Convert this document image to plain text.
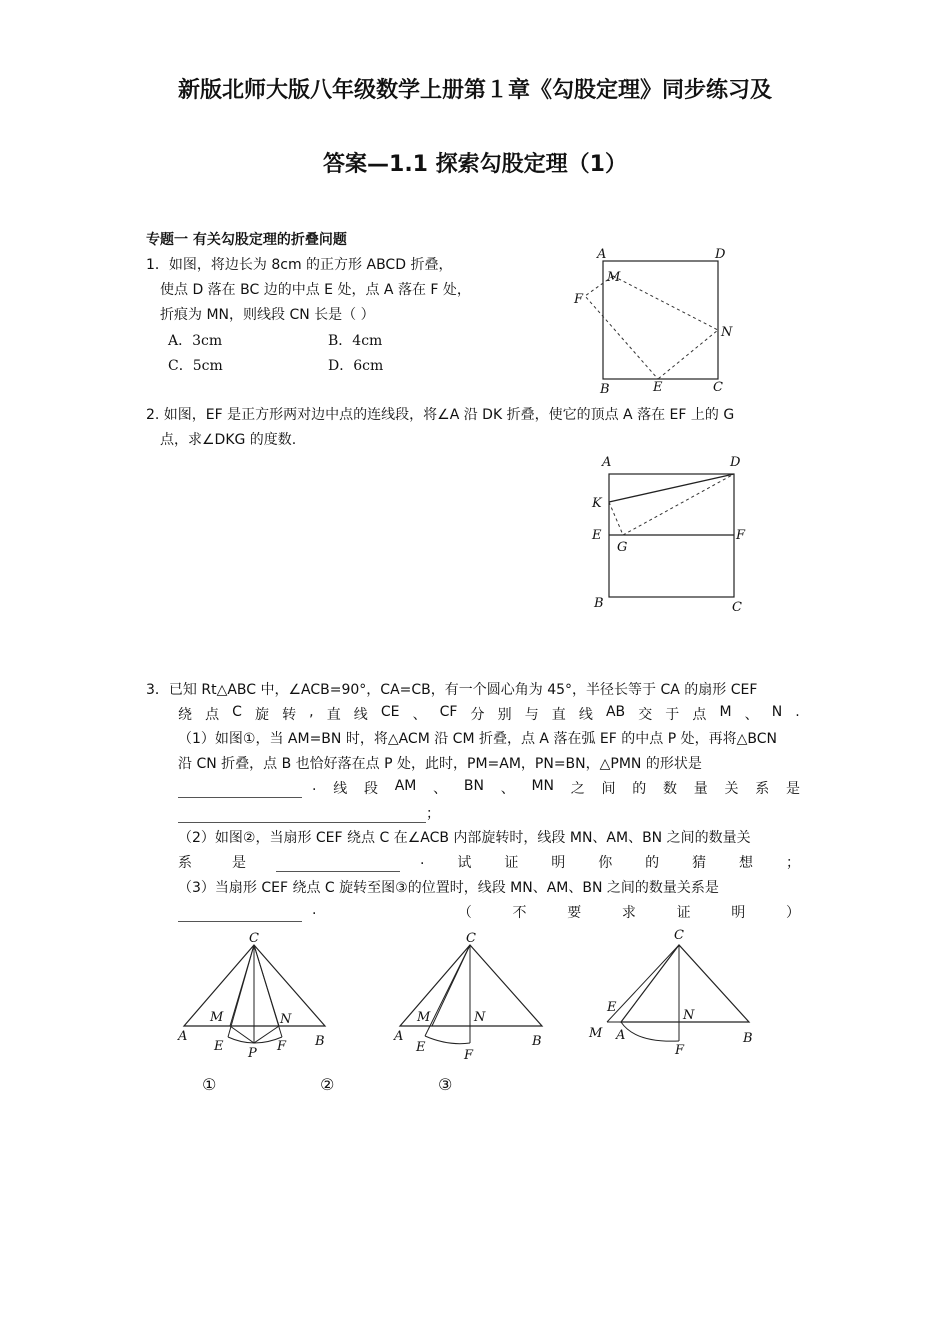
新版北师大版八年级数学上册第１章《勾股定理》同步练习及
答案—1.1 探索勾股定理（1）
专题一 有关勾股定理的折叠问题
1．如图，将边长为 8cm 的正方形 ABCD 折叠，
使点 D 落在 BC 边的中点 E 处，点 A 落在 F 处，
折痕为 MN，则线段 CN 长是（ ）
A．3cm	B．4cm
C．5cm	D．6cm
A	D
M
F
N
B	E	C
2. 如图，EF 是正方形两对边中点的连线段，将∠A 沿 DK 折叠，使它的顶点 A 落在 EF 上的 G
点，求∠DKG 的度数.
A	D
K
E
G
F
B	C
3．已知 Rt△ABC 中，∠ACB=90°，CA=CB，有一个圆心角为 45°，半径长等于 CA 的扇形 CEF
绕 点 C 旋 转 , 直 线 CE 、 CF 分 别 与 直 线 AB 交 于 点 M 、 N .
（1）如图①，当 AM=BN 时，将△ACM 沿 CM 折叠，点 A 落在弧 EF 的中点 P 处，再将△BCN
沿 CN 折叠，点 B 也恰好落在点 P 处，此时，PM=AM，PN=BN，△PMN 的形状是
. 线 段 AM 、 BN 、 MN 之 间 的 数 量 关 系 是
；
（2）如图②，当扇形 CEF 绕点 C 在∠ACB 内部旋转时，线段 MN、AM、BN 之间的数量关
系	是	. 试 证 明 你 的 猜 想 ；
（3）当扇形 CEF 绕点 C 旋转至图③的位置时，线段 MN、AM、BN 之间的数量关系是
.	（	不	要	求	证	明	）
C
M	N
A
E P F B
①
C
M	N
A
E
F
B
②	③
C
E
N
M A
F
B
